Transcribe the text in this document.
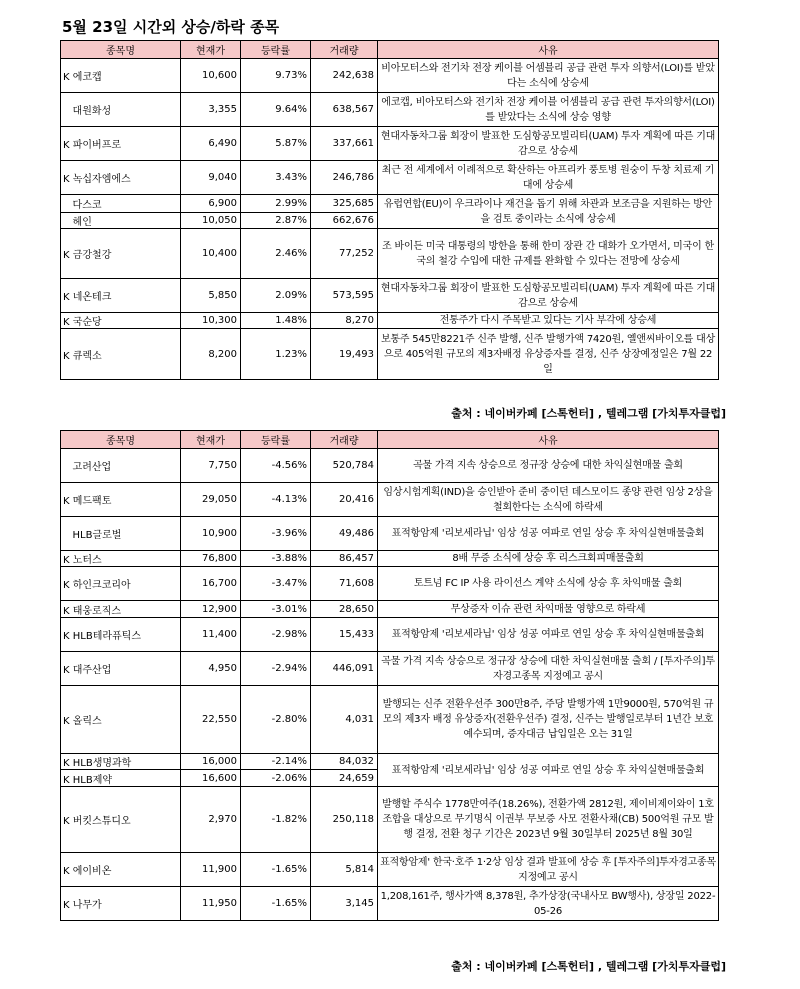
5월 23일 시간외 상승/하락 종목
종목명	현재가	등락률	거래량	사유
K 에코캡	10,600	9.73%	242,638	비아모터스와 전기차 전장 케이블 어셈블리 공급 관련 투자 의향서(LOI)를 받았다는 소식에 상승세
대원화성	3,355	9.64%	638,567	에코캡, 비아모터스와 전기차 전장 케이블 어셈블리 공급 관련 투자의향서(LOI)를 받았다는 소식에 상승 영향
K 파이버프로	6,490	5.87%	337,661	현대자동차그룹 회장이 발표한 도심항공모빌리티(UAM) 투자 계획에 따른 기대감으로 상승세
K 녹십자엠에스	9,040	3.43%	246,786	최근 전 세계에서 이례적으로 확산하는 아프리카 풍토병 원숭이 두창 치료제 기대에 상승세
다스코	6,900	2.99%	325,685	유럽연합(EU)이 우크라이나 재건을 돕기 위해 차관과 보조금을 지원하는 방안을 검토 중이라는 소식에 상승세
헤인	10,050	2.87%	662,676	
K 금강철강	10,400	2.46%	77,252	조 바이든 미국 대통령의 방한을 통해 한미 장관 간 대화가 오가면서, 미국이 한국의 철강 수입에 대한 규제를 완화할 수 있다는 전망에 상승세
K 네온테크	5,850	2.09%	573,595	현대자동차그룹 회장이 발표한 도심항공모빌리티(UAM) 투자 계획에 따른 기대감으로 상승세
K 국순당	10,300	1.48%	8,270	전통주가 다시 주목받고 있다는 기사 부각에 상승세
K 큐렉소	8,200	1.23%	19,493	보통주 545만8221주 신주 발행, 신주 발행가액 7420원, 옐앤씨바이오를 대상으로 405억원 규모의 제3자배정 유상증자를 결정, 신주 상장예정일은 7월 22일
출처 : 네이버카페 [스톡헌터] , 텔레그램 [가치투자클럽]
종목명	현재가	등락률	거래량	사유
고려산업	7,750	-4.56%	520,784	곡물 가격 지속 상승으로 정규장 상승에 대한 차익실현매물 출회
K 메드팩토	29,050	-4.13%	20,416	임상시험계획(IND)을 승인받아 준비 중이던 데스모이드 종양 관련 임상 2상을 철회한다는 소식에 하락세
HLB글로벌	10,900	-3.96%	49,486	표적항암제 '리보세라닙' 임상 성공 여파로 연일 상승 후 차익실현매물출회
K 노터스	76,800	-3.88%	86,457	8배 무증 소식에 상승 후 리스크회피매물출회
K 하인크코리아	16,700	-3.47%	71,608	토트넘 FC IP 사용 라이선스 계약 소식에 상승 후 차익매물 출회
K 태웅로직스	12,900	-3.01%	28,650	무상증자 이슈 관련 차익매물 영향으로 하락세
K HLB테라퓨틱스	11,400	-2.98%	15,433	표적항암제 '리보세라닙' 임상 성공 여파로 연일 상승 후 차익실현매물출회
K 대주산업	4,950	-2.94%	446,091	곡물 가격 지속 상승으로 정규장 상승에 대한 차익실현매물 출회 / [투자주의]투자경고종목 지정예고 공시
K 올릭스	22,550	-2.80%	4,031	발행되는 신주 전환우선주 300만8주, 주당 발행가액 1만9000원, 570억원 규모의 제3자 배정 유상증자(전환우선주) 결정, 신주는 발행일로부터 1년간 보호예수되며, 증자대금 납입일은 오는 31일
K HLB생명과학	16,000	-2.14%	84,032	표적항암제 '리보세라닙' 임상 성공 여파로 연일 상승 후 차익실현매물출회
K HLB제약	16,600	-2.06%	24,659	
K 버킷스튜디오	2,970	-1.82%	250,118	발행할 주식수 1778만여주(18.26%), 전환가액 2812원, 제이비제이와이 1호조합을 대상으로 무기명식 이권부 무보증 사모 전환사채(CB) 500억원 규모 발행 결정, 전환 청구 기간은 2023년 9월 30일부터 2025년 8월 30일
K 에이비온	11,900	-1.65%	5,814	표적항암제' 한국·호주 1·2상 임상 결과 발표에 상승 후 [투자주의]투자경고종목 지정예고 공시
K 나무가	11,950	-1.65%	3,145	1,208,161주, 행사가액 8,378원, 추가상장(국내사모 BW행사), 상장일 2022-05-26
출처 : 네이버카페 [스톡헌터] , 텔레그램 [가치투자클럽]
